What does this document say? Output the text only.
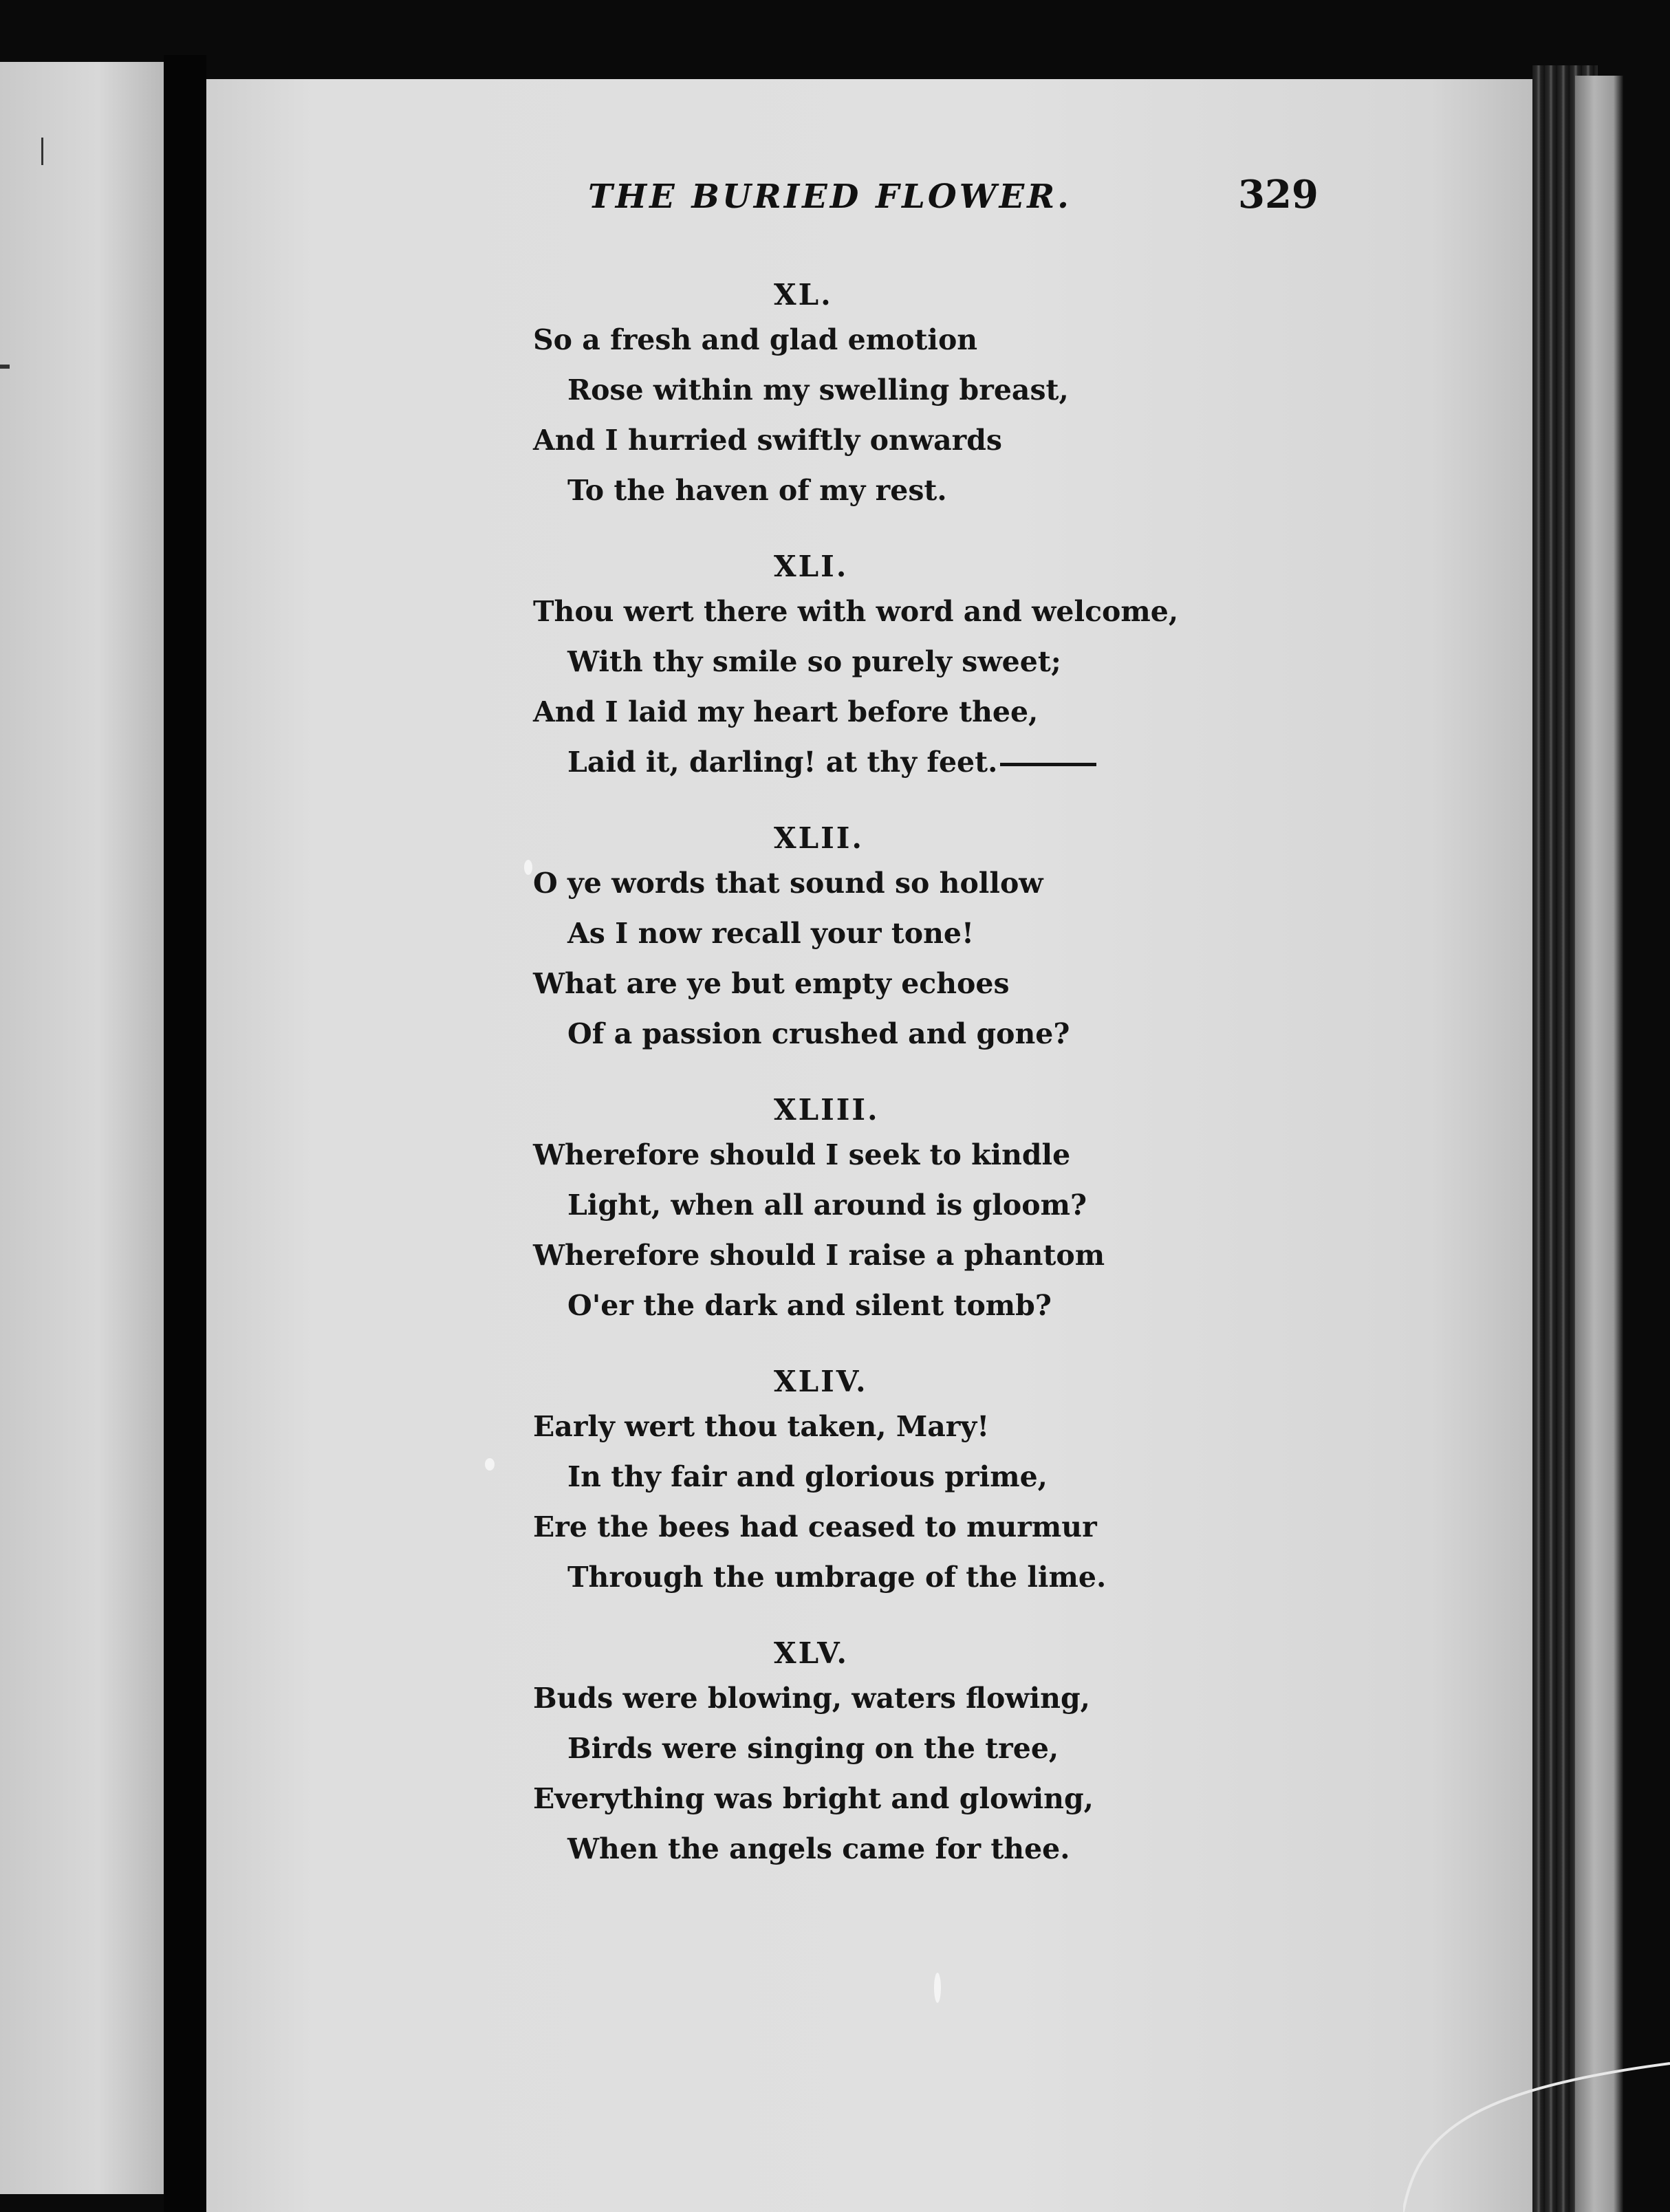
THE BURIED FLOWER.	329
XL.
So a fresh and glad emotion
Rose within my swelling breast,
And I hurried swiftly onwards
To the haven of my rest.
XLI.
Thou wert there with word and welcome,
With thy smile so purely sweet;
And I laid my heart before thee,
Laid it, darling! at thy feet.
XLII.
O ye words that sound so hollow
As I now recall your tone!
What are ye but empty echoes
Of a passion crushed and gone?
XLIII.
Wherefore should I seek to kindle
Light, when all around is gloom?
Wherefore should I raise a phantom
O'er the dark and silent tomb?
XLIV.
Early wert thou taken, Mary!
In thy fair and glorious prime,
Ere the bees had ceased to murmur
Through the umbrage of the lime.
XLV.
Buds were blowing, waters flowing,
Birds were singing on the tree,
Everything was bright and glowing,
When the angels came for thee.
